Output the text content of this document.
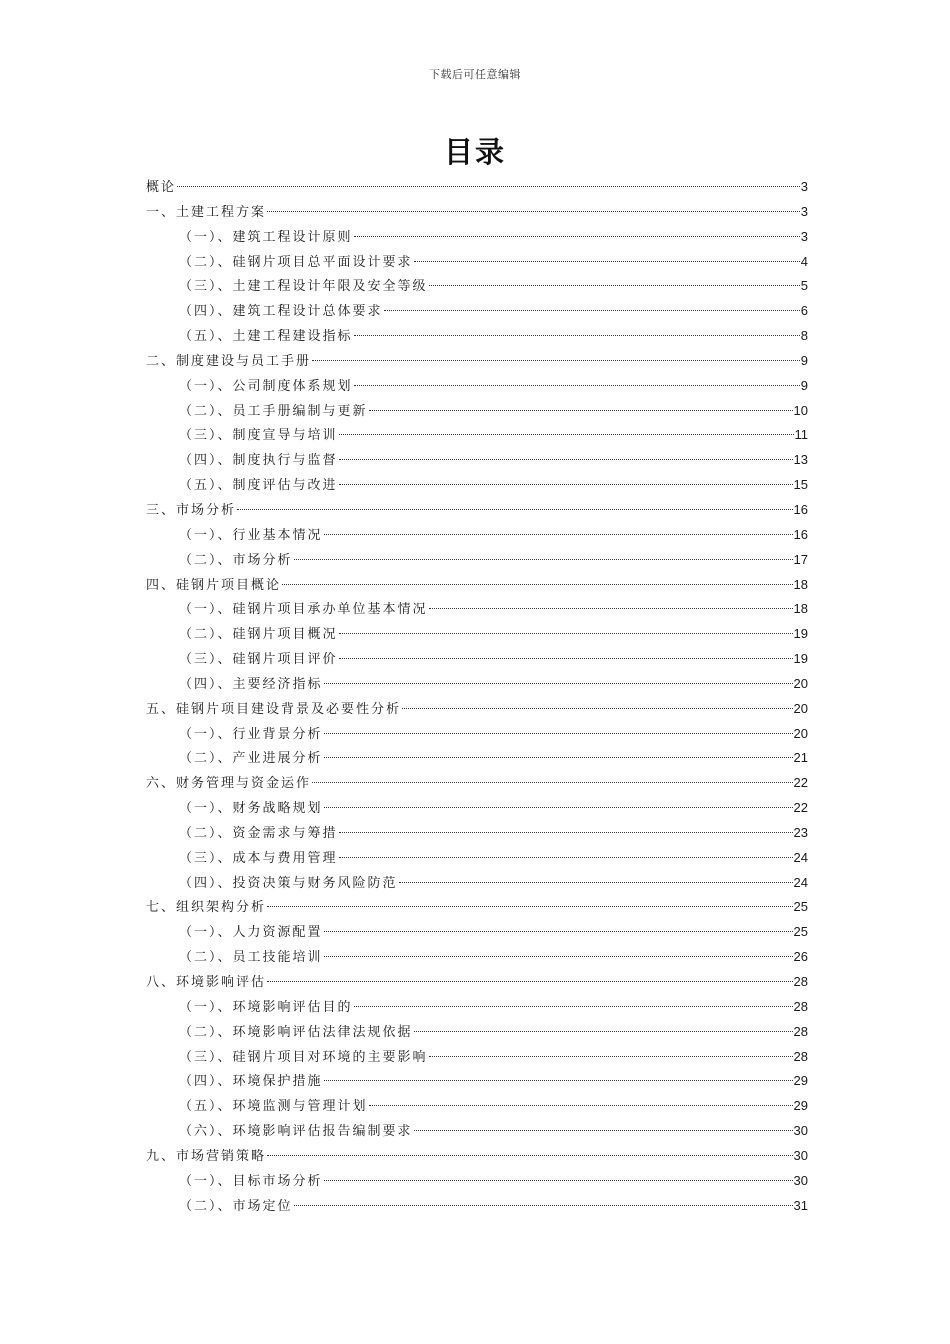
下载后可任意编辑
目录
概论	3
一、土建工程方案	3
（一）、建筑工程设计原则	3
（二）、硅钢片项目总平面设计要求	4
（三）、土建工程设计年限及安全等级	5
（四）、建筑工程设计总体要求	6
（五）、土建工程建设指标	8
二、制度建设与员工手册	9
（一）、公司制度体系规划	9
（二）、员工手册编制与更新	10
（三）、制度宣导与培训	11
（四）、制度执行与监督	13
（五）、制度评估与改进	15
三、市场分析	16
（一）、行业基本情况	16
（二）、市场分析	17
四、硅钢片项目概论	18
（一）、硅钢片项目承办单位基本情况	18
（二）、硅钢片项目概况	19
（三）、硅钢片项目评价	19
（四）、主要经济指标	20
五、硅钢片项目建设背景及必要性分析	20
（一）、行业背景分析	20
（二）、产业进展分析	21
六、财务管理与资金运作	22
（一）、财务战略规划	22
（二）、资金需求与筹措	23
（三）、成本与费用管理	24
（四）、投资决策与财务风险防范	24
七、组织架构分析	25
（一）、人力资源配置	25
（二）、员工技能培训	26
八、环境影响评估	28
（一）、环境影响评估目的	28
（二）、环境影响评估法律法规依据	28
（三）、硅钢片项目对环境的主要影响	28
（四）、环境保护措施	29
（五）、环境监测与管理计划	29
（六）、环境影响评估报告编制要求	30
九、市场营销策略	30
（一）、目标市场分析	30
（二）、市场定位	31
